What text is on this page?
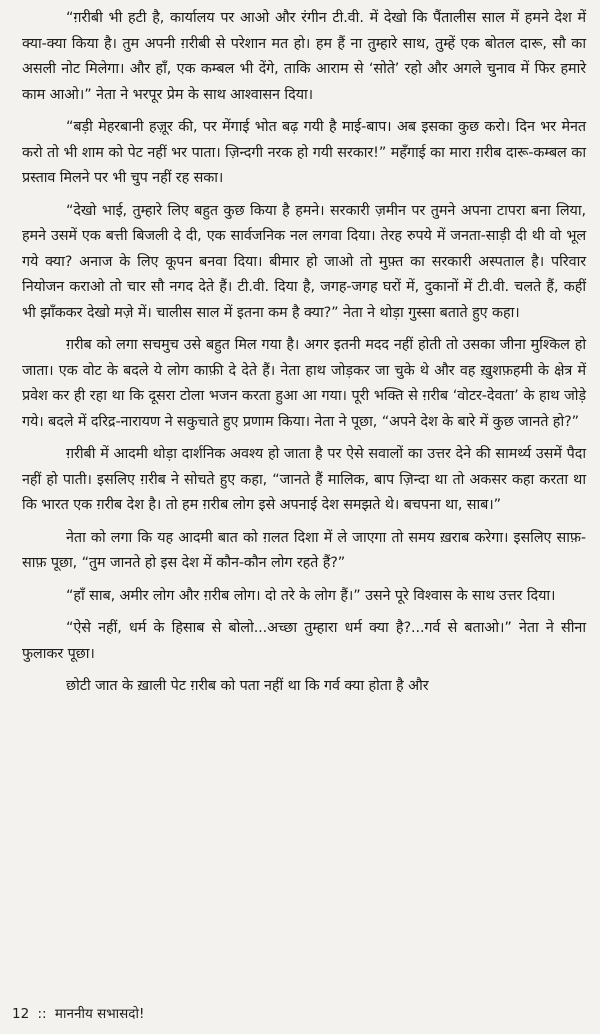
“ग़रीबी भी हटी है, कार्यालय पर आओ और रंगीन टी.वी. में देखो कि पैंतालीस साल में हमने देश में क्या-क्या किया है। तुम अपनी ग़रीबी से परेशान मत हो। हम हैं ना तुम्हारे साथ, तुम्हें एक बोतल दारू, सौ का असली नोट मिलेगा। और हाँ, एक कम्बल भी देंगे, ताकि आराम से ‘सोते’ रहो और अगले चुनाव में फिर हमारे काम आओ।” नेता ने भरपूर प्रेम के साथ आश्वासन दिया।

“बड़ी मेहरबानी हज़ूर की, पर मेंगाई भोत बढ़ गयी है माई-बाप। अब इसका कुछ करो। दिन भर मेनत करो तो भी शाम को पेट नहीं भर पाता। ज़िन्दगी नरक हो गयी सरकार!” महँगाई का मारा ग़रीब दारू-कम्बल का प्रस्ताव मिलने पर भी चुप नहीं रह सका।

“देखो भाई, तुम्हारे लिए बहुत कुछ किया है हमने। सरकारी ज़मीन पर तुमने अपना टापरा बना लिया, हमने उसमें एक बत्ती बिजली दे दी, एक सार्वजनिक नल लगवा दिया। तेरह रुपये में जनता-साड़ी दी थी वो भूल गये क्या? अनाज के लिए कूपन बनवा दिया। बीमार हो जाओ तो मुफ़्त का सरकारी अस्पताल है। परिवार नियोजन कराओ तो चार सौ नगद देते हैं। टी.वी. दिया है, जगह-जगह घरों में, दुकानों में टी.वी. चलते हैं, कहीं भी झाँककर देखो मज़े में। चालीस साल में इतना कम है क्या?” नेता ने थोड़ा गुस्सा बताते हुए कहा।

ग़रीब को लगा सचमुच उसे बहुत मिल गया है। अगर इतनी मदद नहीं होती तो उसका जीना मुश्किल हो जाता। एक वोट के बदले ये लोग काफ़ी दे देते हैं। नेता हाथ जोड़कर जा चुके थे और वह ख़ुशफ़हमी के क्षेत्र में प्रवेश कर ही रहा था कि दूसरा टोला भजन करता हुआ आ गया। पूरी भक्ति से ग़रीब ‘वोटर-देवता’ के हाथ जोड़े गये। बदले में दरिद्र-नारायण ने सकुचाते हुए प्रणाम किया। नेता ने पूछा, “अपने देश के बारे में कुछ जानते हो?”

ग़रीबी में आदमी थोड़ा दार्शनिक अवश्य हो जाता है पर ऐसे सवालों का उत्तर देने की सामर्थ्य उसमें पैदा नहीं हो पाती। इसलिए ग़रीब ने सोचते हुए कहा, “जानते हैं मालिक, बाप ज़िन्दा था तो अकसर कहा करता था कि भारत एक ग़रीब देश है। तो हम ग़रीब लोग इसे अपनाई देश समझते थे। बचपना था, साब।”

नेता को लगा कि यह आदमी बात को ग़लत दिशा में ले जाएगा तो समय ख़राब करेगा। इसलिए साफ़-साफ़ पूछा, “तुम जानते हो इस देश में कौन-कौन लोग रहते हैं?”

“हाँ साब, अमीर लोग और ग़रीब लोग। दो तरे के लोग हैं।” उसने पूरे विश्वास के साथ उत्तर दिया।

“ऐसे नहीं, धर्म के हिसाब से बोलो...अच्छा तुम्हारा धर्म क्या है?...गर्व से बताओ।” नेता ने सीना फुलाकर पूछा।

छोटी जात के ख़ाली पेट ग़रीब को पता नहीं था कि गर्व क्या होता है और

12 :: माननीय सभासदो!
